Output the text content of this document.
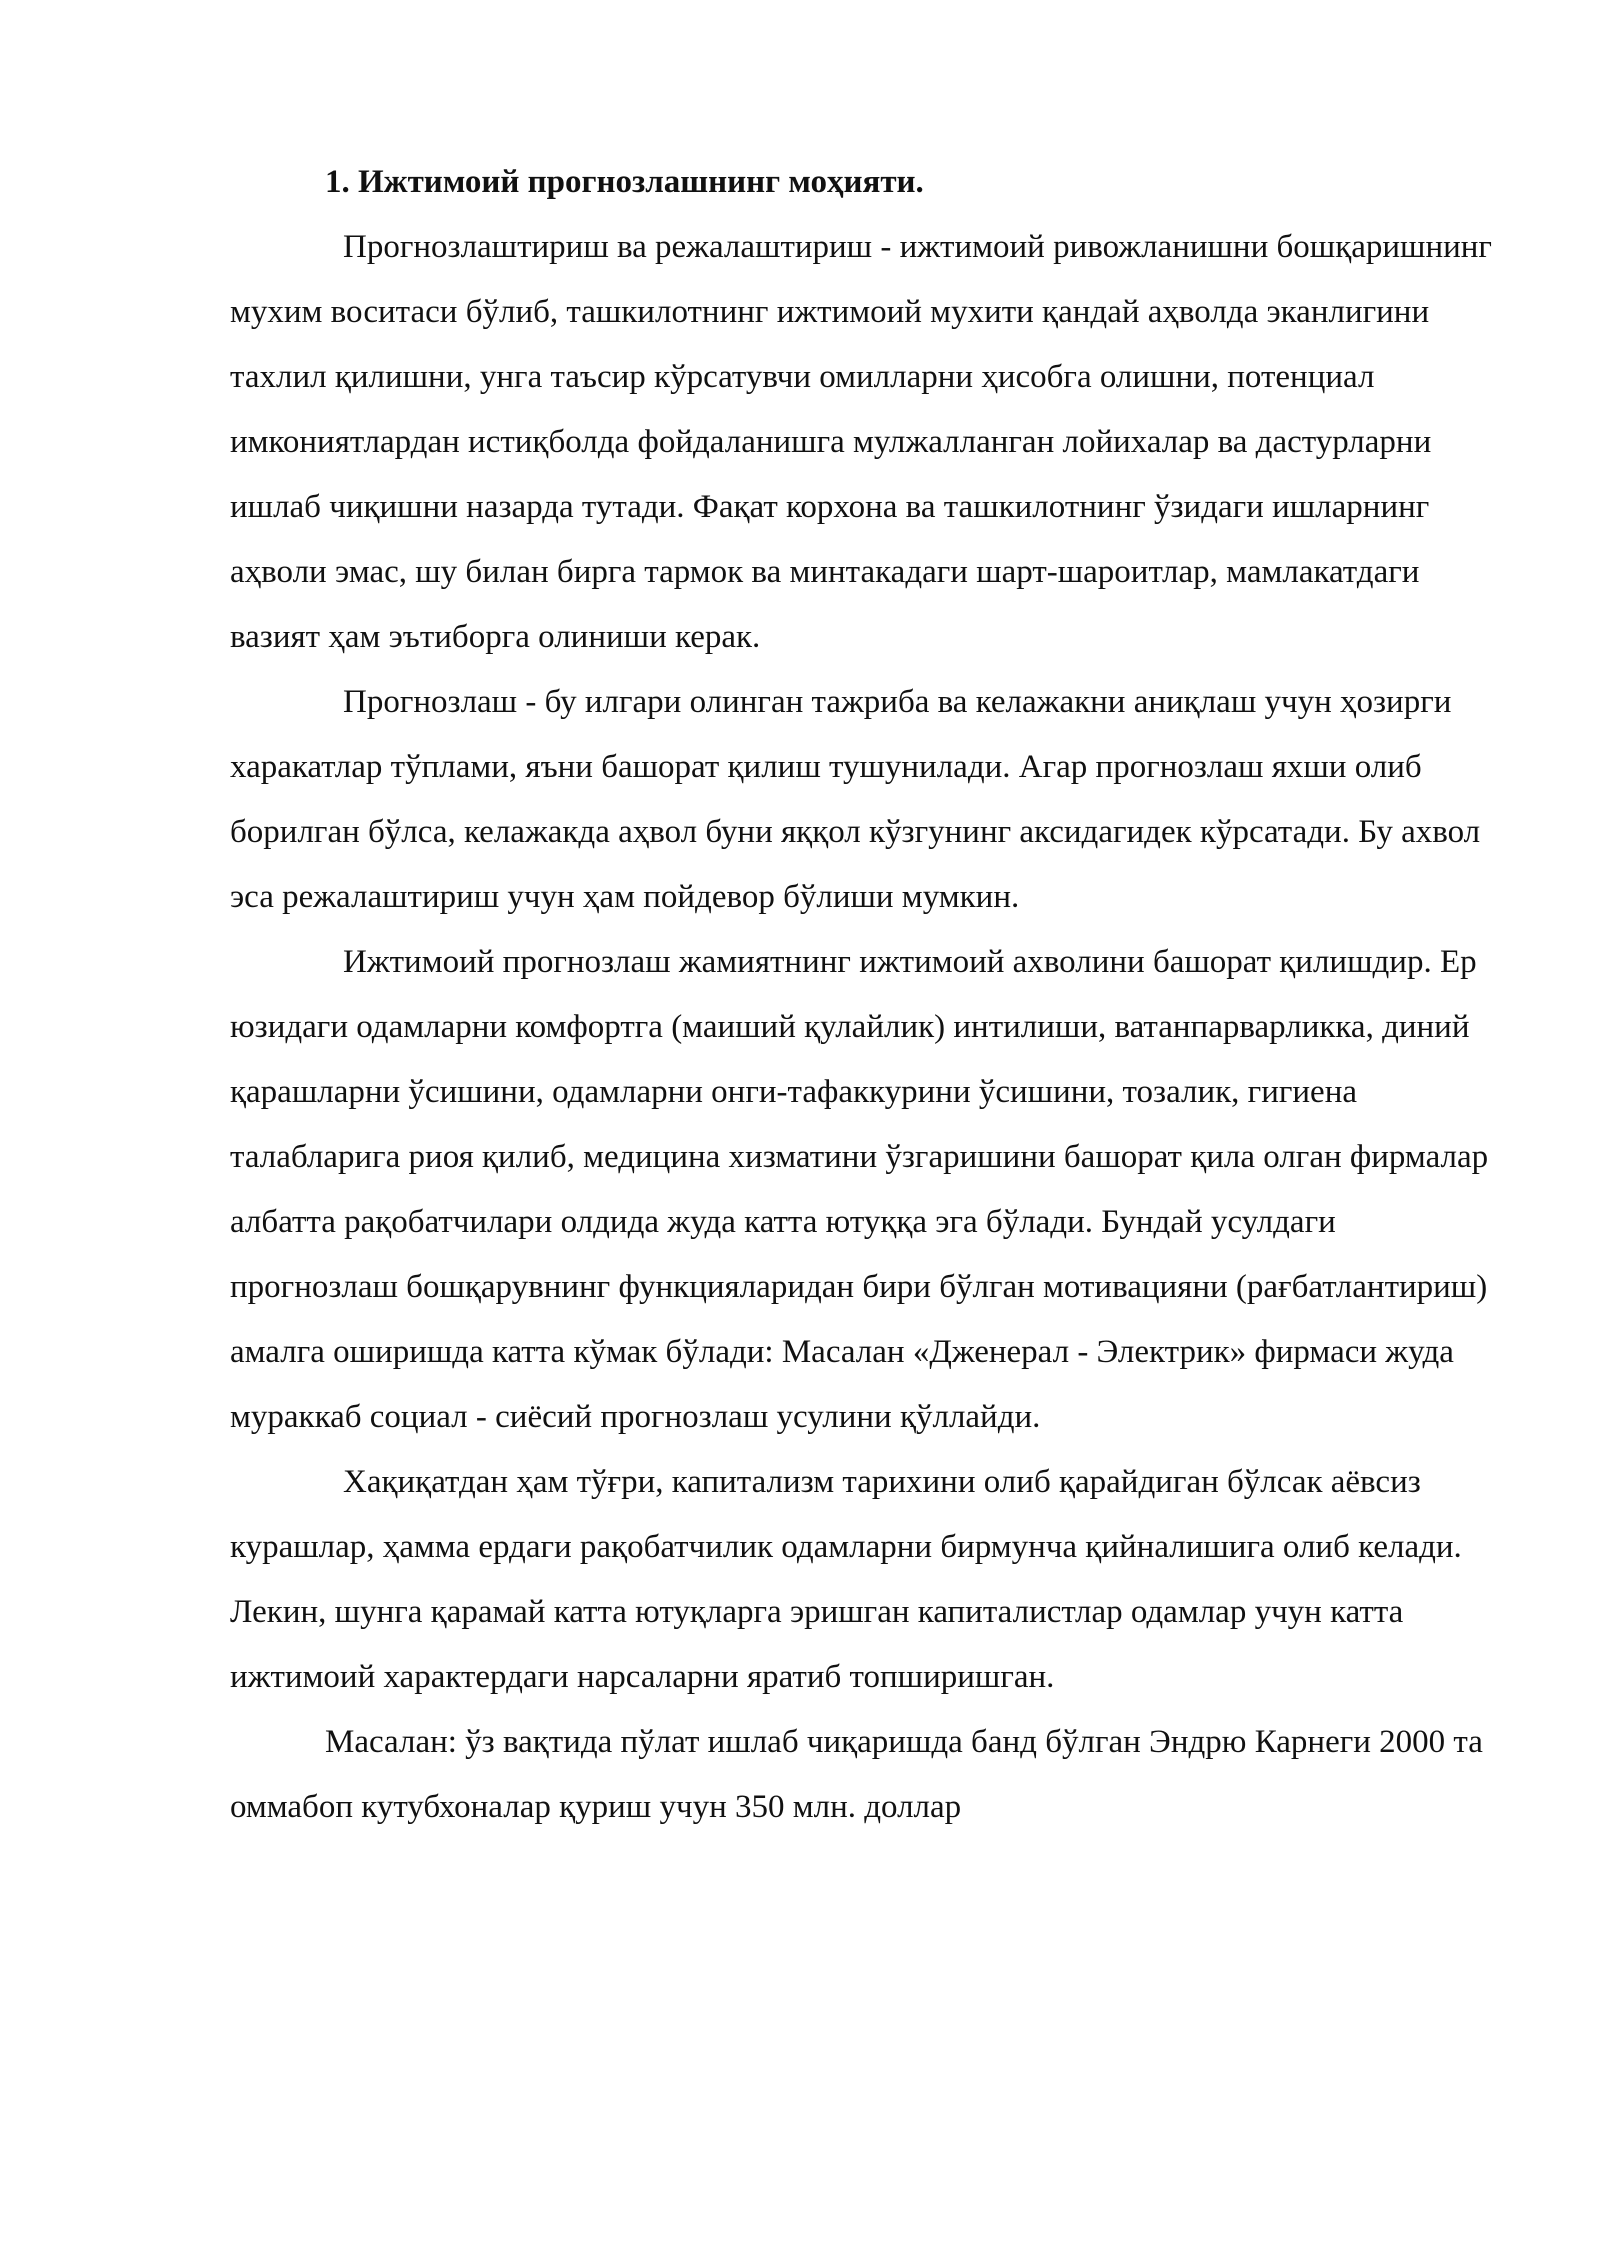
1. Ижтимоий прогнозлашнинг моҳияти.

Прогнозлаштириш ва режалаштириш - ижтимоий ривожланишни бошқаришнинг мухим воситаси бўлиб, ташкилотнинг ижтимоий мухити қандай аҳволда эканлигини тахлил қилишни, унга таъсир кўрсатувчи омилларни ҳисобга олишни, потенциал имкониятлардан истиқболда фойдаланишга мулжалланган лойихалар ва дастурларни ишлаб чиқишни назарда тутади. Фақат корхона ва ташкилотнинг ўзидаги ишларнинг аҳволи эмас, шу билан бирга тармок ва минтакадаги шарт-шароитлар, мамлакатдаги вазият ҳам эътиборга олиниши керак.

Прогнозлаш - бу илгари олинган тажриба ва келажакни аниқлаш учун ҳозирги харакатлар тўплами, яъни башорат қилиш тушунилади. Агар прогнозлаш яхши олиб борилган бўлса, келажакда аҳвол буни яққол кўзгунинг аксидагидек кўрсатади. Бу ахвол эса режалаштириш учун ҳам пойдевор бўлиши мумкин.

Ижтимоий прогнозлаш жамиятнинг ижтимоий ахволини башорат қилишдир. Ер юзидаги одамларни комфортга (маиший қулайлик) интилиши, ватанпарварликка, диний қарашларни ўсишини, одамларни онги-тафаккурини ўсишини, тозалик, гигиена талабларига риоя қилиб, медицина хизматини ўзгаришини башорат қила олган фирмалар албатта рақобатчилари олдида жуда катта ютуққа эга бўлади. Бундай усулдаги прогнозлаш бошқарувнинг функцияларидан бири бўлган мотивацияни (рағбатлантириш) амалга оширишда катта кўмак бўлади: Масалан «Дженерал - Электрик» фирмаси жуда мураккаб социал - сиёсий прогнозлаш усулини қўллайди.

Хақиқатдан ҳам тўғри, капитализм тарихини олиб қарайдиган бўлсак аёвсиз курашлар, ҳамма ердаги рақобатчилик одамларни бирмунча қийналишига олиб келади. Лекин, шунга қарамай катта ютуқларга эришган капиталистлар одамлар учун катта ижтимоий характердаги нарсаларни яратиб топширишган.

Масалан: ўз вақтида пўлат ишлаб чиқаришда банд бўлган Эндрю Карнеги 2000 та оммабоп кутубхоналар қуриш учун 350 млн. доллар
